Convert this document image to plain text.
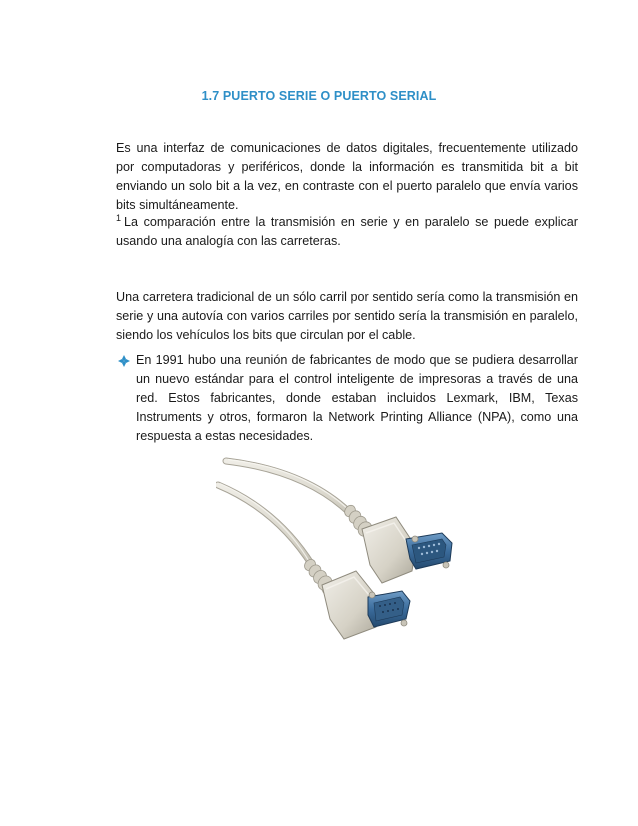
1.7 PUERTO SERIE O PUERTO SERIAL

Es una interfaz de comunicaciones de datos digitales, frecuentemente utilizado por computadoras y periféricos, donde la información es transmitida bit a bit enviando un solo bit a la vez, en contraste con el puerto paralelo que envía varios bits simultáneamente.

$^1$ La comparación entre la transmisión en serie y en paralelo se puede explicar usando una analogía con las carreteras.

Una carretera tradicional de un sólo carril por sentido sería como la transmisión en serie y una autovía con varios carriles por sentido sería la transmisión en paralelo, siendo los vehículos los bits que circulan por el cable.

En 1991 hubo una reunión de fabricantes de modo que se pudiera desarrollar un nuevo estándar para el control inteligente de impresoras a través de una red. Estos fabricantes, donde estaban incluidos Lexmark, IBM, Texas Instruments y otros, formaron la Network Printing Alliance (NPA), como una respuesta a estas necesidades.
